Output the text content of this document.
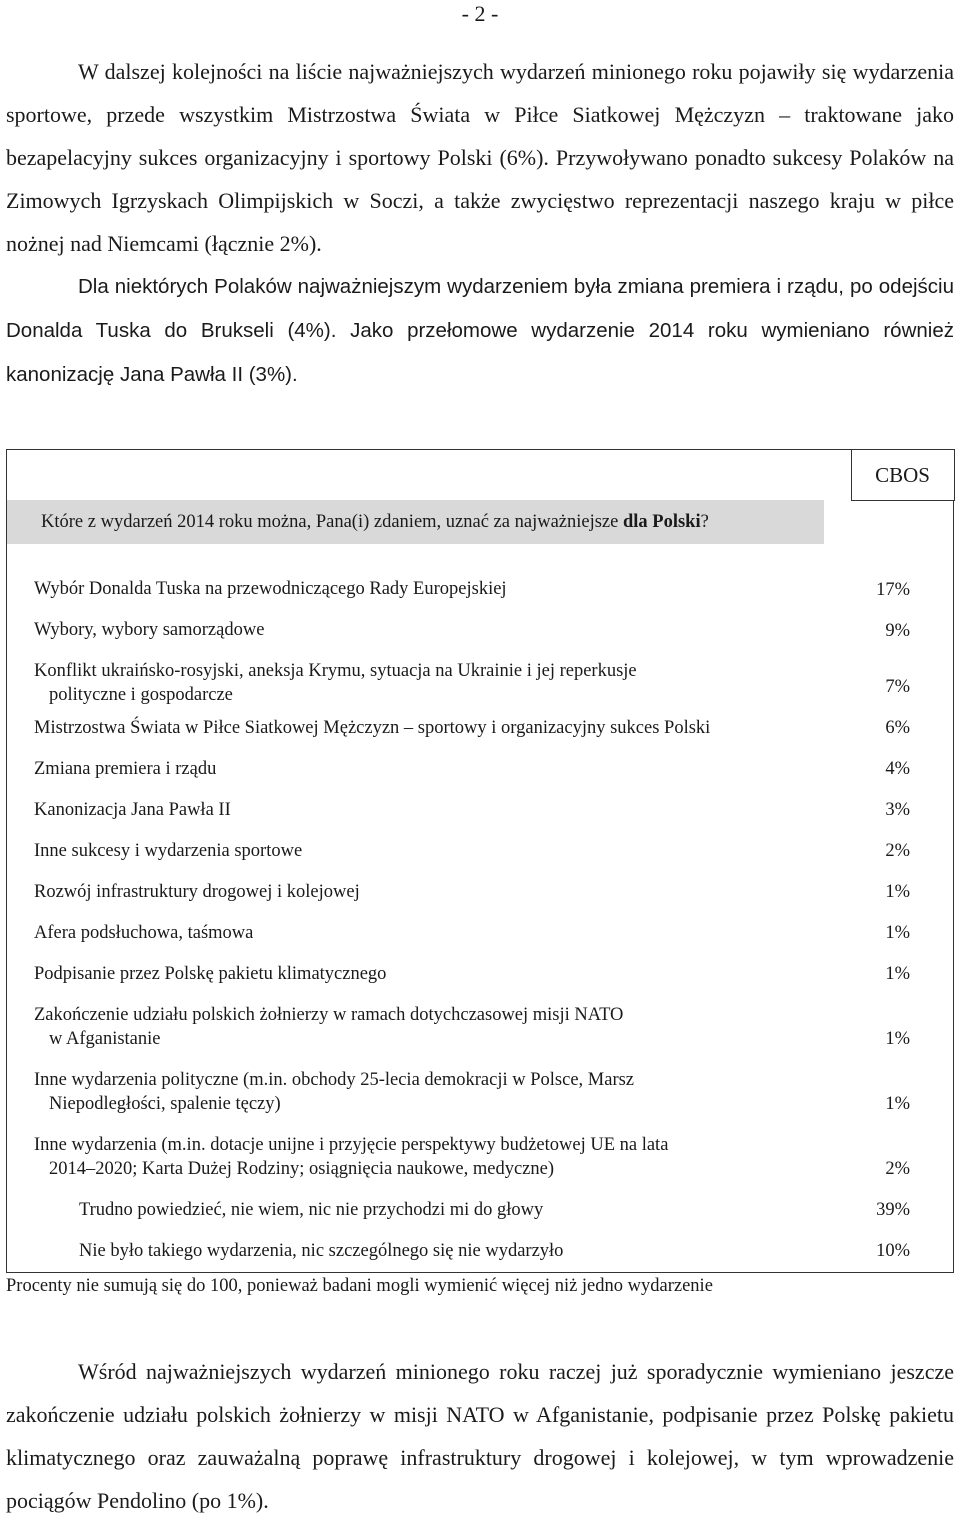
- 2 -

W dalszej kolejności na liście najważniejszych wydarzeń minionego roku pojawiły się wydarzenia sportowe, przede wszystkim Mistrzostwa Świata w Piłce Siatkowej Mężczyzn – traktowane jako bezapelacyjny sukces organizacyjny i sportowy Polski (6%). Przywoływano ponadto sukcesy Polaków na Zimowych Igrzyskach Olimpijskich w Soczi, a także zwycięstwo reprezentacji naszego kraju w piłce nożnej nad Niemcami (łącznie 2%).

Dla niektórych Polaków najważniejszym wydarzeniem była zmiana premiera i rządu, po odejściu Donalda Tuska do Brukseli (4%). Jako przełomowe wydarzenie 2014 roku wymieniano również kanonizację Jana Pawła II (3%).

Które z wydarzeń 2014 roku można, Pana(i) zdaniem, uznać za najważniejsze dla Polski?
CBOS
Wybór Donalda Tuska na przewodniczącego Rady Europejskiej	17%
Wybory, wybory samorządowe	9%
Konflikt ukraińsko-rosyjski, aneksja Krymu, sytuacja na Ukrainie i jej reperkusje
polityczne i gospodarcze	7%
Mistrzostwa Świata w Piłce Siatkowej Mężczyzn – sportowy i organizacyjny sukces Polski	6%
Zmiana premiera i rządu	4%
Kanonizacja Jana Pawła II	3%
Inne sukcesy i wydarzenia sportowe	2%
Rozwój infrastruktury drogowej i kolejowej	1%
Afera podsłuchowa, taśmowa	1%
Podpisanie przez Polskę pakietu klimatycznego	1%
Zakończenie udziału polskich żołnierzy w ramach dotychczasowej misji NATO
w Afganistanie	1%
Inne wydarzenia polityczne (m.in. obchody 25-lecia demokracji w Polsce, Marsz
Niepodległości, spalenie tęczy)	1%
Inne wydarzenia (m.in. dotacje unijne i przyjęcie perspektywy budżetowej UE na lata
2014–2020; Karta Dużej Rodziny; osiągnięcia naukowe, medyczne)	2%
Trudno powiedzieć, nie wiem, nic nie przychodzi mi do głowy	39%
Nie było takiego wydarzenia, nic szczególnego się nie wydarzyło	10%
Procenty nie sumują się do 100, ponieważ badani mogli wymienić więcej niż jedno wydarzenie

Wśród najważniejszych wydarzeń minionego roku raczej już sporadycznie wymieniano jeszcze zakończenie udziału polskich żołnierzy w misji NATO w Afganistanie, podpisanie przez Polskę pakietu klimatycznego oraz zauważalną poprawę infrastruktury drogowej i kolejowej, w tym wprowadzenie pociągów Pendolino (po 1%).
